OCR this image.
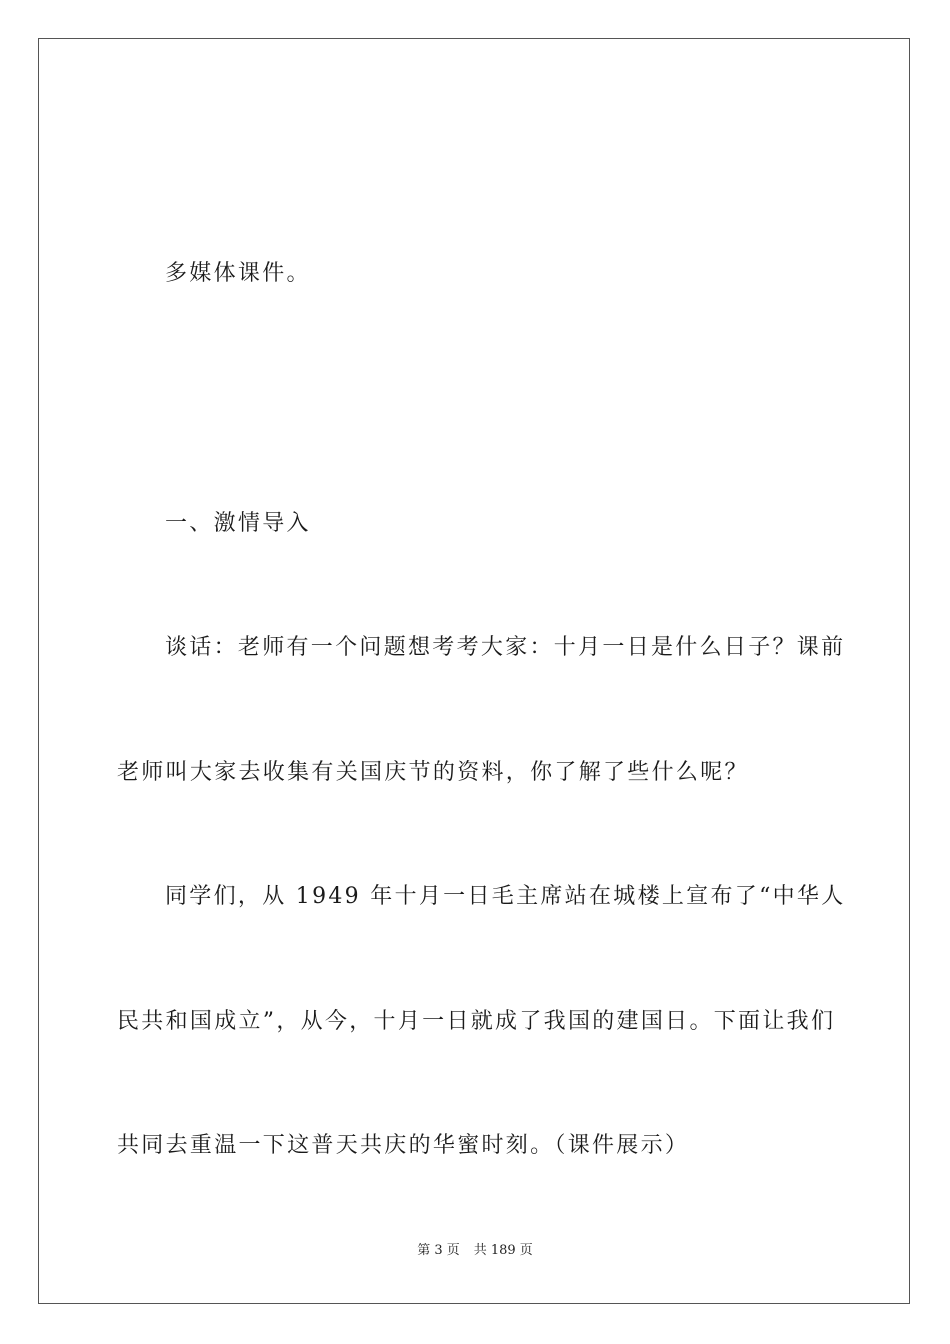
多媒体课件。
一、激情导入
谈话：老师有一个问题想考考大家：十月一日是什么日子？课前
老师叫大家去收集有关国庆节的资料，你了解了些什么呢？
同学们，从 1949 年十月一日毛主席站在城楼上宣布了“中华人
民共和国成立”，从今，十月一日就成了我国的建国日。下面让我们
共同去重温一下这普天共庆的华蜜时刻。（课件展示）
第 3 页 共 189 页
